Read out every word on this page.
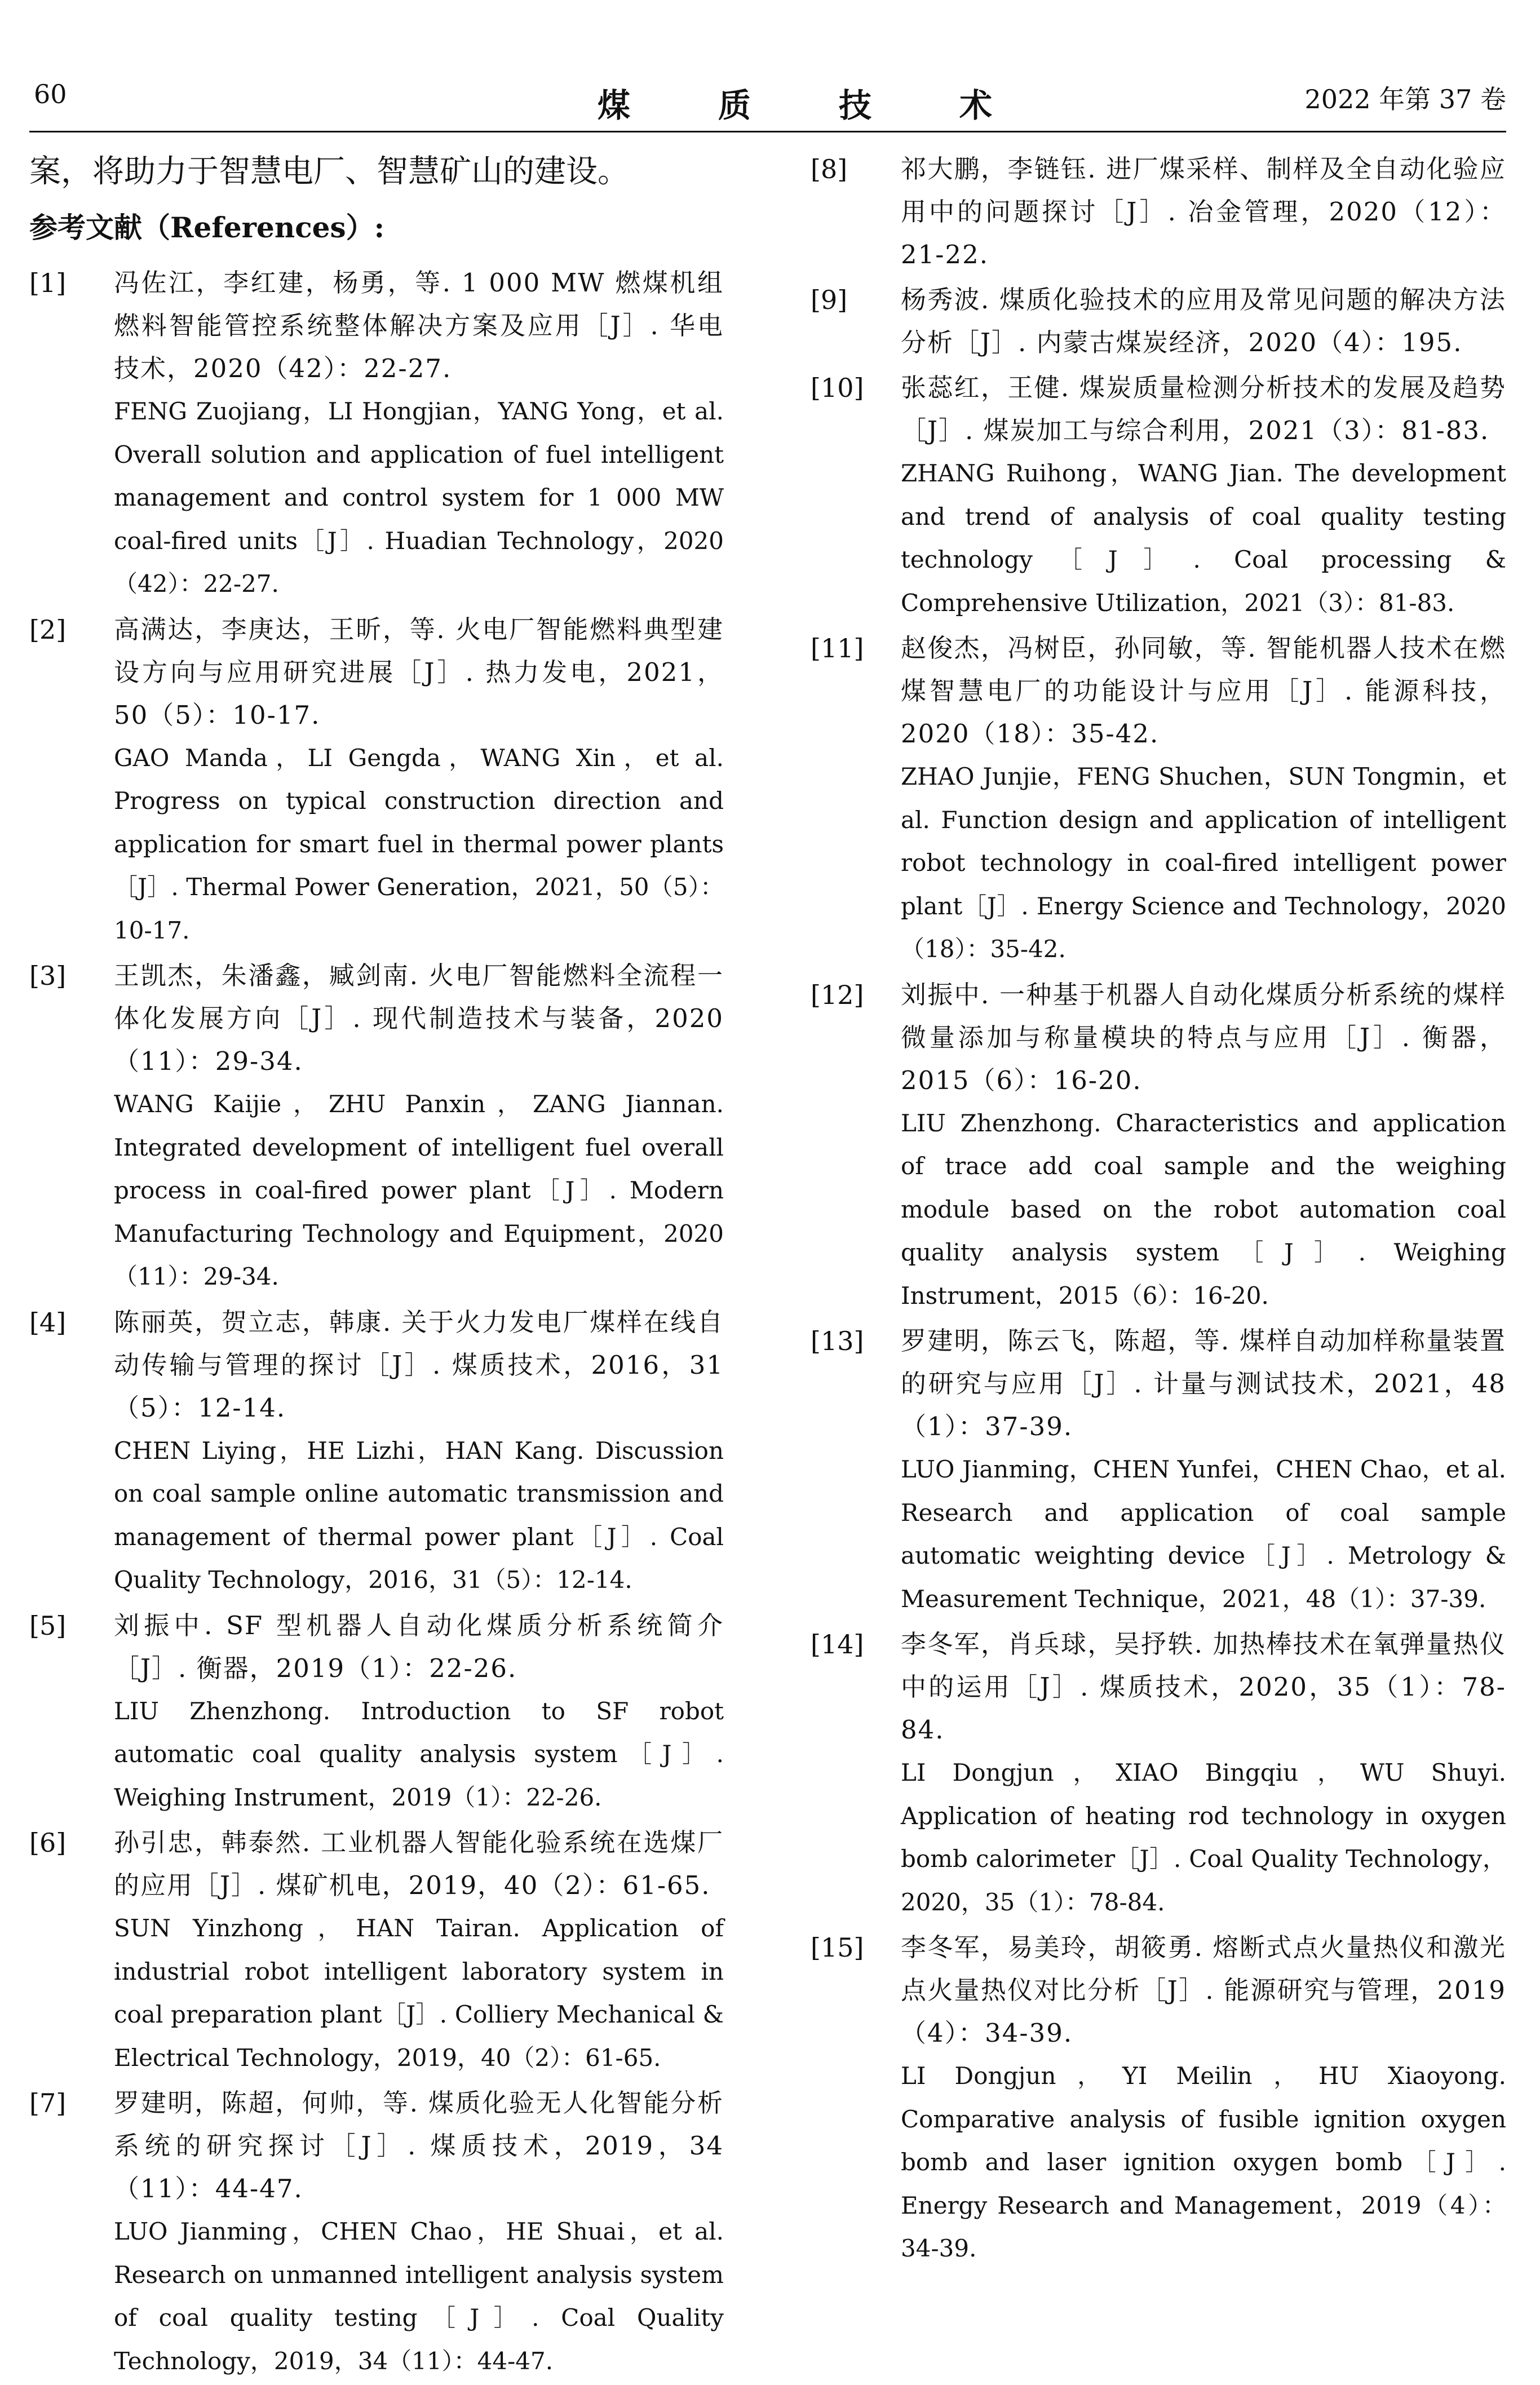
60	煤	质	技	术	2022 年第 37 卷

案，将助力于智慧电厂、智慧矿山的建设。

参考文献（References）:
[1]	冯佐江，李红建，杨勇，等. 1 000 MW 燃煤机组燃料智能管控系统整体解决方案及应用［J］. 华电技术，2020（42）：22-27.

FENG Zuojiang，LI Hongjian，YANG Yong，et al. Overall solution and application of fuel intelligent management and control system for 1 000 MW coal-fired units［J］. Huadian Technology，2020（42）：22-27.

[2]	高满达，李庚达，王昕，等. 火电厂智能燃料典型建设方向与应用研究进展［J］. 热力发电，2021，50（5）：10-17.

GAO Manda，LI Gengda，WANG Xin，et al. Progress on typical construction direction and application for smart fuel in thermal power plants［J］. Thermal Power Generation，2021，50（5）：10-17.

[3]	王凯杰，朱潘鑫，臧剑南. 火电厂智能燃料全流程一体化发展方向［J］. 现代制造技术与装备，2020（11）：29-34.

WANG Kaijie，ZHU Panxin，ZANG Jiannan. Integrated development of intelligent fuel overall process in coal-fired power plant［J］. Modern Manufacturing Technology and Equipment，2020（11）：29-34.

[4]	陈丽英，贺立志，韩康. 关于火力发电厂煤样在线自动传输与管理的探讨［J］. 煤质技术，2016，31（5）：12-14.

CHEN Liying，HE Lizhi，HAN Kang. Discussion on coal sample online automatic transmission and management of thermal power plant［J］. Coal Quality Technology，2016，31（5）：12-14.

[5]	刘振中. SF 型机器人自动化煤质分析系统简介［J］. 衡器，2019（1）：22-26.

LIU Zhenzhong. Introduction to SF robot automatic coal quality analysis system［J］. Weighing Instrument，2019（1）：22-26.

[6]	孙引忠，韩泰然. 工业机器人智能化验系统在选煤厂的应用［J］. 煤矿机电，2019，40（2）：61-65.

SUN Yinzhong，HAN Tairan. Application of industrial robot intelligent laboratory system in coal preparation plant［J］. Colliery Mechanical & Electrical Technology，2019，40（2）：61-65.

[7]	罗建明，陈超，何帅，等. 煤质化验无人化智能分析系统的研究探讨［J］. 煤质技术，2019，34（11）：44-47.

LUO Jianming，CHEN Chao，HE Shuai，et al. Research on unmanned intelligent analysis system of coal quality testing［J］. Coal Quality Technology，2019，34（11）：44-47.

[8]	祁大鹏，李链钰. 进厂煤采样、制样及全自动化验应用中的问题探讨［J］. 冶金管理，2020（12）：21-22.

[9]	杨秀波. 煤质化验技术的应用及常见问题的解决方法分析［J］. 内蒙古煤炭经济，2020（4）：195.

[10]	张蕊红，王健. 煤炭质量检测分析技术的发展及趋势［J］. 煤炭加工与综合利用，2021（3）：81-83.

ZHANG Ruihong，WANG Jian. The development and trend of analysis of coal quality testing technology［J］. Coal processing & Comprehensive Utilization，2021（3）：81-83.

[11]	赵俊杰，冯树臣，孙同敏，等. 智能机器人技术在燃煤智慧电厂的功能设计与应用［J］. 能源科技，2020（18）：35-42.

ZHAO Junjie，FENG Shuchen，SUN Tongmin，et al. Function design and application of intelligent robot technology in coal-fired intelligent power plant［J］. Energy Science and Technology，2020（18）：35-42.

[12]	刘振中. 一种基于机器人自动化煤质分析系统的煤样微量添加与称量模块的特点与应用［J］. 衡器，2015（6）：16-20.

LIU Zhenzhong. Characteristics and application of trace add coal sample and the weighing module based on the robot automation coal quality analysis system［J］. Weighing Instrument，2015（6）：16-20.

[13]	罗建明，陈云飞，陈超，等. 煤样自动加样称量装置的研究与应用［J］. 计量与测试技术，2021，48（1）：37-39.

LUO Jianming，CHEN Yunfei，CHEN Chao，et al. Research and application of coal sample automatic weighting device［J］. Metrology & Measurement Technique，2021，48（1）：37-39.

[14]	李冬军，肖兵球，吴抒轶. 加热棒技术在氧弹量热仪中的运用［J］. 煤质技术，2020，35（1）：78-84.

LI Dongjun，XIAO Bingqiu，WU Shuyi. Application of heating rod technology in oxygen bomb calorimeter［J］. Coal Quality Technology，2020，35（1）：78-84.

[15]	李冬军，易美玲，胡筱勇. 熔断式点火量热仪和激光点火量热仪对比分析［J］. 能源研究与管理，2019（4）：34-39.

LI Dongjun，YI Meilin，HU Xiaoyong. Comparative analysis of fusible ignition oxygen bomb and laser ignition oxygen bomb［J］. Energy Research and Management，2019（4）：34-39.
